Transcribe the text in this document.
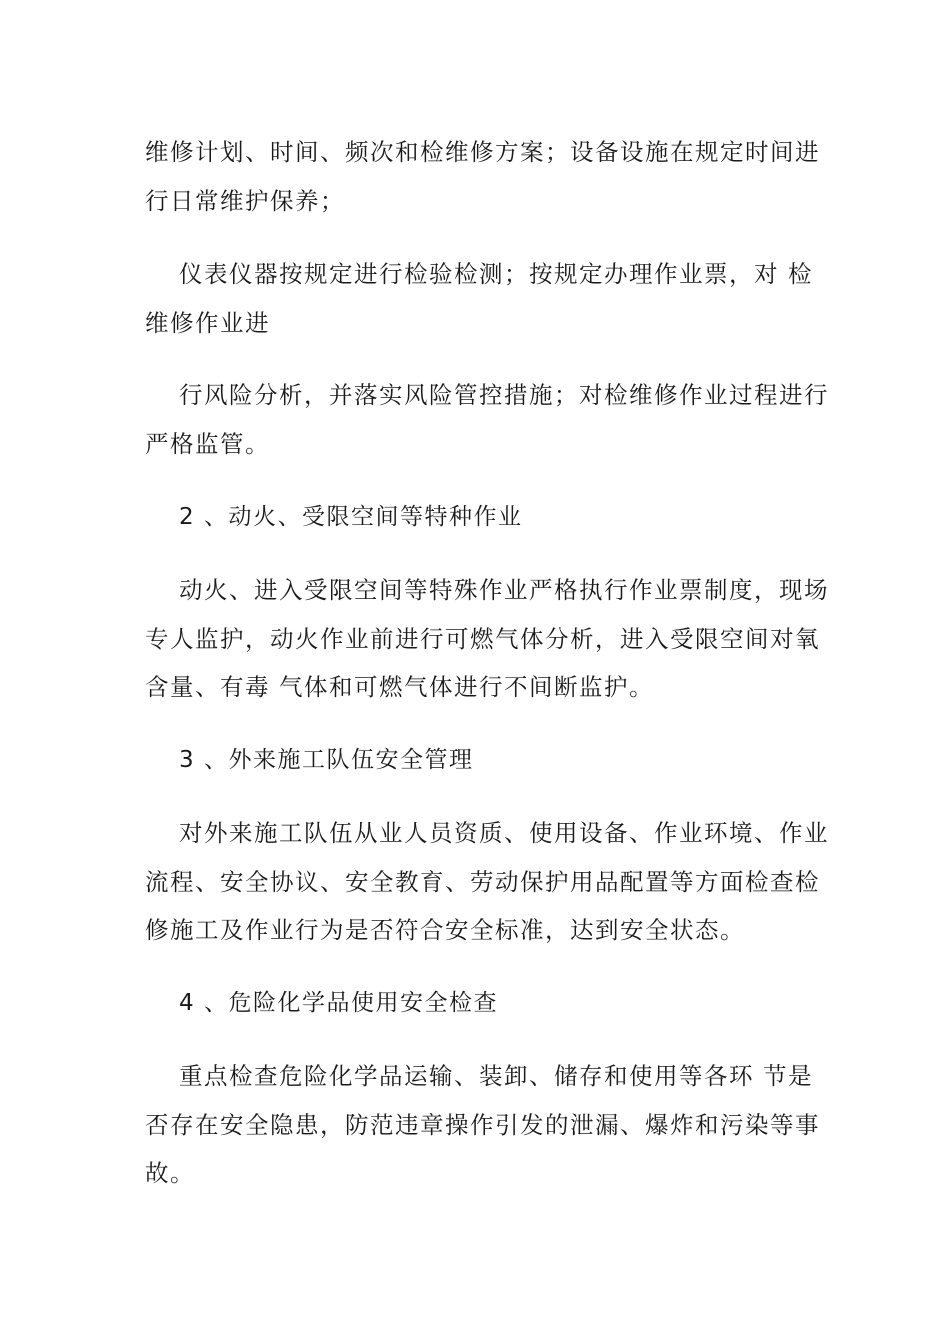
维修计划、时间、频次和检维修方案；设备设施在规定时间进
行日常维护保养；
仪表仪器按规定进行检验检测；按规定办理作业票，对 检
维修作业进
行风险分析，并落实风险管控措施；对检维修作业过程进行
严格监管。
2 、动火、受限空间等特种作业
动火、进入受限空间等特殊作业严格执行作业票制度，现场
专人监护，动火作业前进行可燃气体分析，进入受限空间对氧
含量、有毒 气体和可燃气体进行不间断监护。
3 、外来施工队伍安全管理
对外来施工队伍从业人员资质、使用设备、作业环境、作业
流程、安全协议、安全教育、劳动保护用品配置等方面检查检
修施工及作业行为是否符合安全标准，达到安全状态。
4 、危险化学品使用安全检查
重点检查危险化学品运输、装卸、储存和使用等各环 节是
否存在安全隐患，防范违章操作引发的泄漏、爆炸和污染等事
故。
